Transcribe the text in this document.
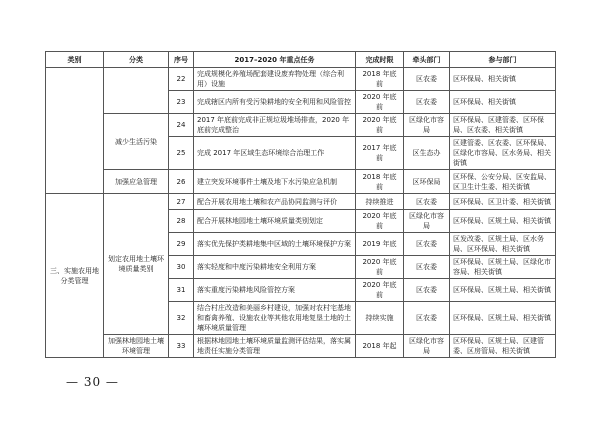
类别	分类	序号	2017–2020 年重点任务	完成时限	牵头部门	参与部门
		22	完成规模化养殖场配套建设废弃物处理（综合利用）设施	2018 年底前	区农委	区环保局、相关街镇
		23	完成辖区内所有受污染耕地的安全利用和风险管控	2020 年底前	区农委	区环保局、相关街镇
	减少生活污染	24	2017 年底前完成非正规垃圾堆场排查，2020 年底前完成整治	2020 年底前	区绿化市容局	区环保局、区建管委、区环保局、区农委、相关街镇
		25	完成 2017 年区域生态环境综合治理工作	2017 年底前	区生态办	区建管委、区农委、区环保局、区绿化市容局、区水务局、相关街镇
	加强应急管理	26	建立突发环境事件土壤及地下水污染应急机制	2018 年底前	区环保局	区环保、公安分局、区安监局、区卫生计生委、相关街镇
三、实施农用地分类管理	划定农用地土壤环境质量类别	27	配合开展农用地土壤和农产品协同监测与评价	持续推进	区农委	区环保局、区卫计委、相关街镇
		28	配合开展林地园地土壤环境质量类别划定	2020 年底前	区绿化市容局	区环保局、区规土局、相关街镇
		29	落实优先保护类耕地集中区域的土壤环境保护方案	2019 年底	区农委	区发改委、区规土局、区水务局、区环保局、相关街镇
		30	落实轻度和中度污染耕地安全利用方案	2020 年底前	区农委	区环保局、区规土局、区绿化市容局、相关街镇
		31	落实重度污染耕地风险管控方案	2020 年底前	区农委	区环保局、区规土局、相关街镇
		32	结合村庄改造和美丽乡村建设，加强对农村宅基地和畜禽养殖、设施农业等其他农用地复垦土地的土壤环境质量管理	持续实施	区农委	区环保局、区规土局、相关街镇
	加强林地园地土壤环境管理	33	根据林地园地土壤环境质量监测评估结果，落实属地责任实施分类管理	2018 年起	区绿化市容局	区环保局、区规土局、区建管委、区房管局、相关街镇
— 30 —
